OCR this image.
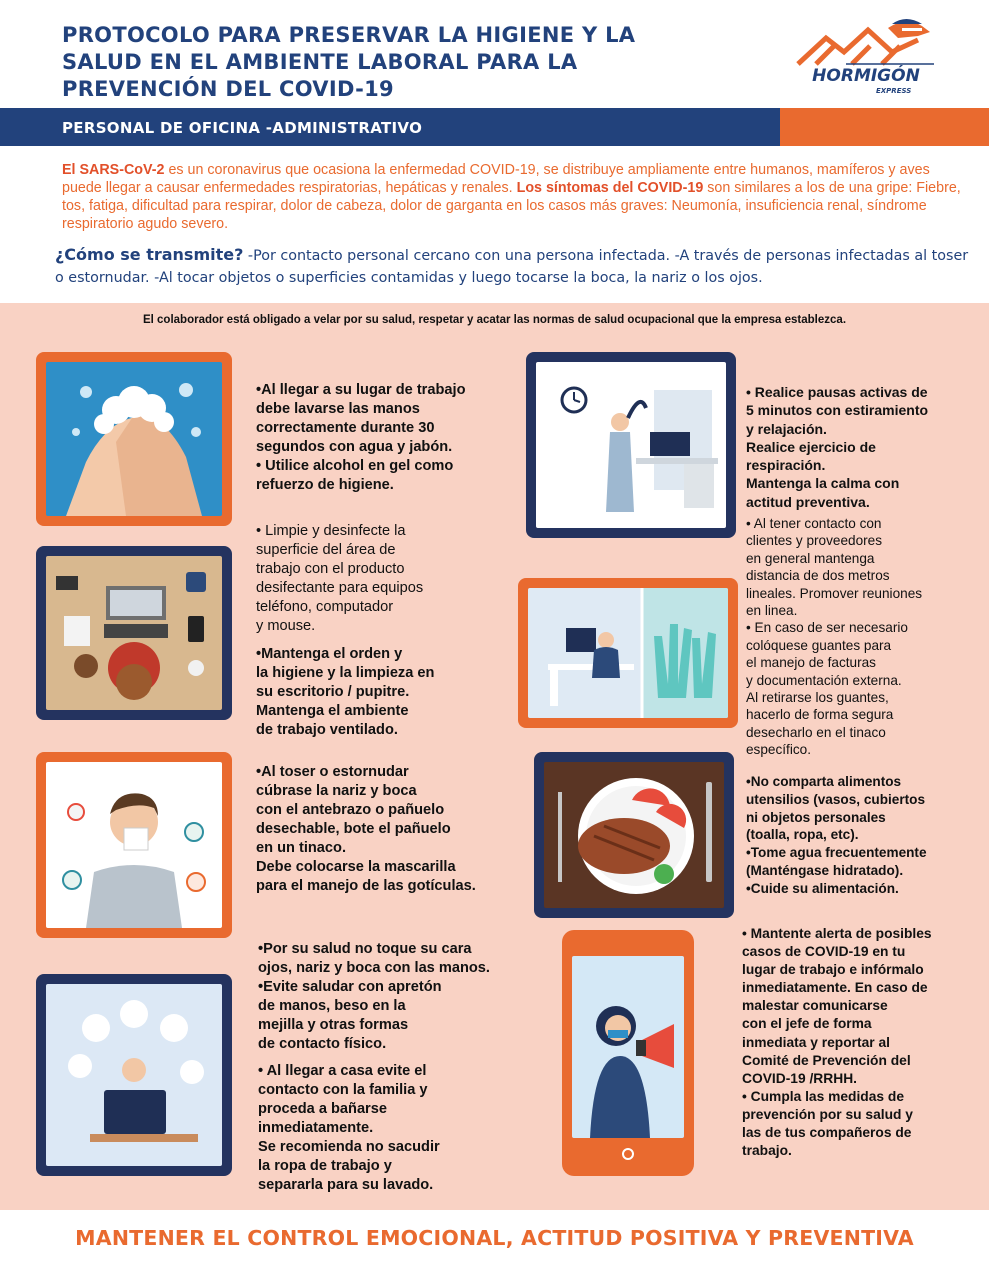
PROTOCOLO PARA PRESERVAR LA HIGIENE Y LA
SALUD EN EL AMBIENTE LABORAL PARA LA
PREVENCIÓN DEL COVID-19
HORMIGÓN
EXPRESS
PERSONAL DE OFICINA -ADMINISTRATIVO
El SARS-CoV-2 es un coronavirus que ocasiona la enfermedad COVID-19, se distribuye ampliamente entre humanos, mamíferos y aves puede llegar a causar enfermedades respiratorias, hepáticas y renales. Los síntomas del COVID-19 son similares a los de una gripe: Fiebre, tos, fatiga, dificultad para respirar, dolor de cabeza, dolor de garganta en los casos más graves: Neumonía, insuficiencia renal, síndrome respiratorio agudo severo.
¿Cómo se transmite? -Por contacto personal cercano con una persona infectada. -A través de personas infectadas al toser o estornudar. -Al tocar objetos o superficies contamidas y luego tocarse la boca, la nariz o los ojos.
El colaborador está obligado a velar por su salud, respetar y acatar las normas de salud ocupacional que la empresa establezca.

•Al llegar a su lugar de trabajo

debe lavarse las manos

correctamente durante 30

segundos con agua y jabón.

• Utilice alcohol en gel como

refuerzo de higiene.

• Limpie y desinfecte la

superficie del área de

trabajo con el producto

desifectante para equipos

teléfono, computador

y mouse.

•Mantenga el orden y

la higiene y la limpieza en

su escritorio / pupitre.

Mantenga el ambiente

de trabajo ventilado.

•Al toser o estornudar

cúbrase la nariz y boca

con el antebrazo o pañuelo

desechable, bote el pañuelo

en un tinaco.

Debe colocarse la mascarilla

para el manejo de las gotículas.

•Por su salud no toque su cara

ojos, nariz y boca con las manos.

•Evite saludar con apretón

de manos, beso en la

mejilla y otras formas

de contacto físico.

• Al llegar a casa evite el

contacto con la familia y

proceda a bañarse

inmediatamente.

Se recomienda no sacudir

la ropa de trabajo y

separarla para su lavado.

• Realice pausas activas de

5 minutos con estiramiento

y relajación.

Realice ejercicio de

respiración.

Mantenga la calma con

actitud preventiva.

• Al tener contacto con

clientes y proveedores

en general mantenga

distancia de dos metros

lineales. Promover reuniones

en linea.

• En caso de ser necesario

colóquese guantes para

el manejo de facturas

y documentación externa.

Al retirarse los guantes,

hacerlo de forma segura

desecharlo en el tinaco

específico.

•No comparta alimentos

utensilios (vasos, cubiertos

ni objetos personales

(toalla, ropa, etc).

•Tome agua frecuentemente

(Manténgase hidratado).

•Cuide su alimentación.

• Mantente alerta de posibles

casos de COVID-19 en tu

lugar de trabajo e infórmalo

inmediatamente. En caso de

malestar comunicarse

con el jefe de forma

inmediata y reportar al

Comité de Prevención del

COVID-19 /RRHH.

• Cumpla las medidas de

prevención por su salud y

las de tus compañeros de

trabajo.

MANTENER EL CONTROL EMOCIONAL, ACTITUD POSITIVA Y PREVENTIVA
